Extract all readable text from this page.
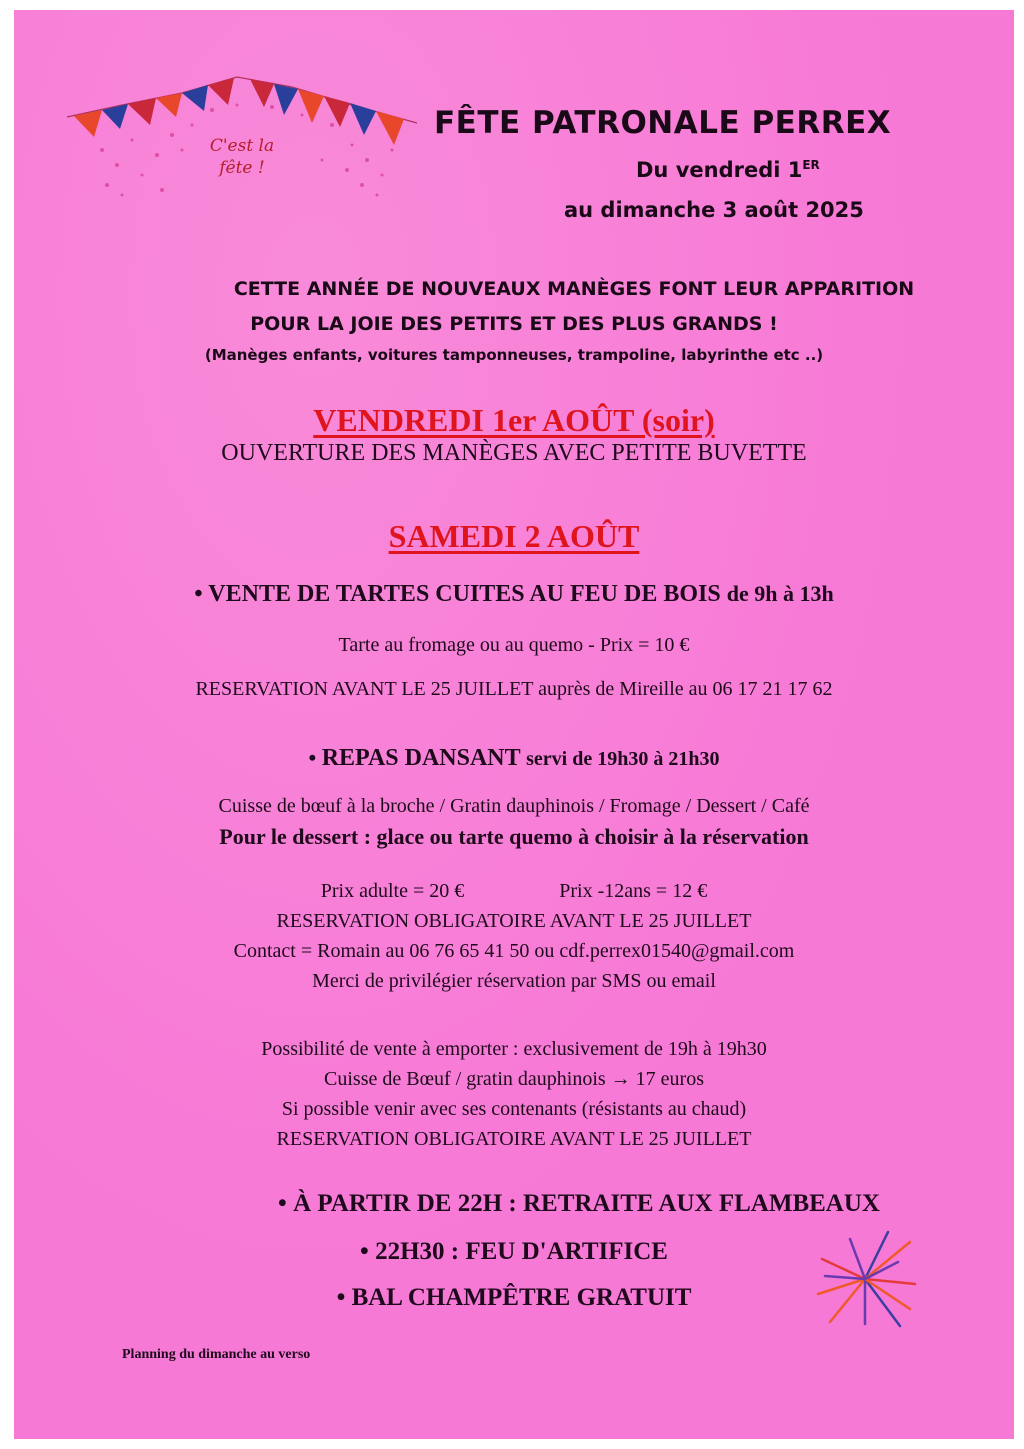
C'est la
fête !
FÊTE PATRONALE PERREX
Du vendredi 1ER
au dimanche 3 août 2025
CETTE ANNÉE DE NOUVEAUX MANÈGES FONT LEUR APPARITION
POUR LA JOIE DES PETITS ET DES PLUS GRANDS !
(Manèges enfants, voitures tamponneuses, trampoline, labyrinthe etc ..)
VENDREDI 1er AOÛT (soir)
OUVERTURE DES MANÈGES AVEC PETITE BUVETTE
SAMEDI 2 AOÛT
• VENTE DE TARTES CUITES AU FEU DE BOIS de 9h à 13h
Tarte au fromage ou au quemo - Prix = 10 €
RESERVATION AVANT LE 25 JUILLET auprès de Mireille au 06 17 21 17 62
• REPAS DANSANT servi de 19h30 à 21h30
Cuisse de bœuf à la broche / Gratin dauphinois / Fromage / Dessert / Café
Pour le dessert : glace ou tarte quemo à choisir à la réservation
Prix adulte = 20 €	Prix -12ans = 12 €
RESERVATION OBLIGATOIRE AVANT LE 25 JUILLET
Contact = Romain au 06 76 65 41 50 ou cdf.perrex01540@gmail.com
Merci de privilégier réservation par SMS ou email
Possibilité de vente à emporter : exclusivement de 19h à 19h30
Cuisse de Bœuf / gratin dauphinois → 17 euros
Si possible venir avec ses contenants (résistants au chaud)
RESERVATION OBLIGATOIRE AVANT LE 25 JUILLET
• À PARTIR DE 22H : RETRAITE AUX FLAMBEAUX
• 22H30 : FEU D'ARTIFICE
• BAL CHAMPÊTRE GRATUIT
Planning du dimanche au verso
